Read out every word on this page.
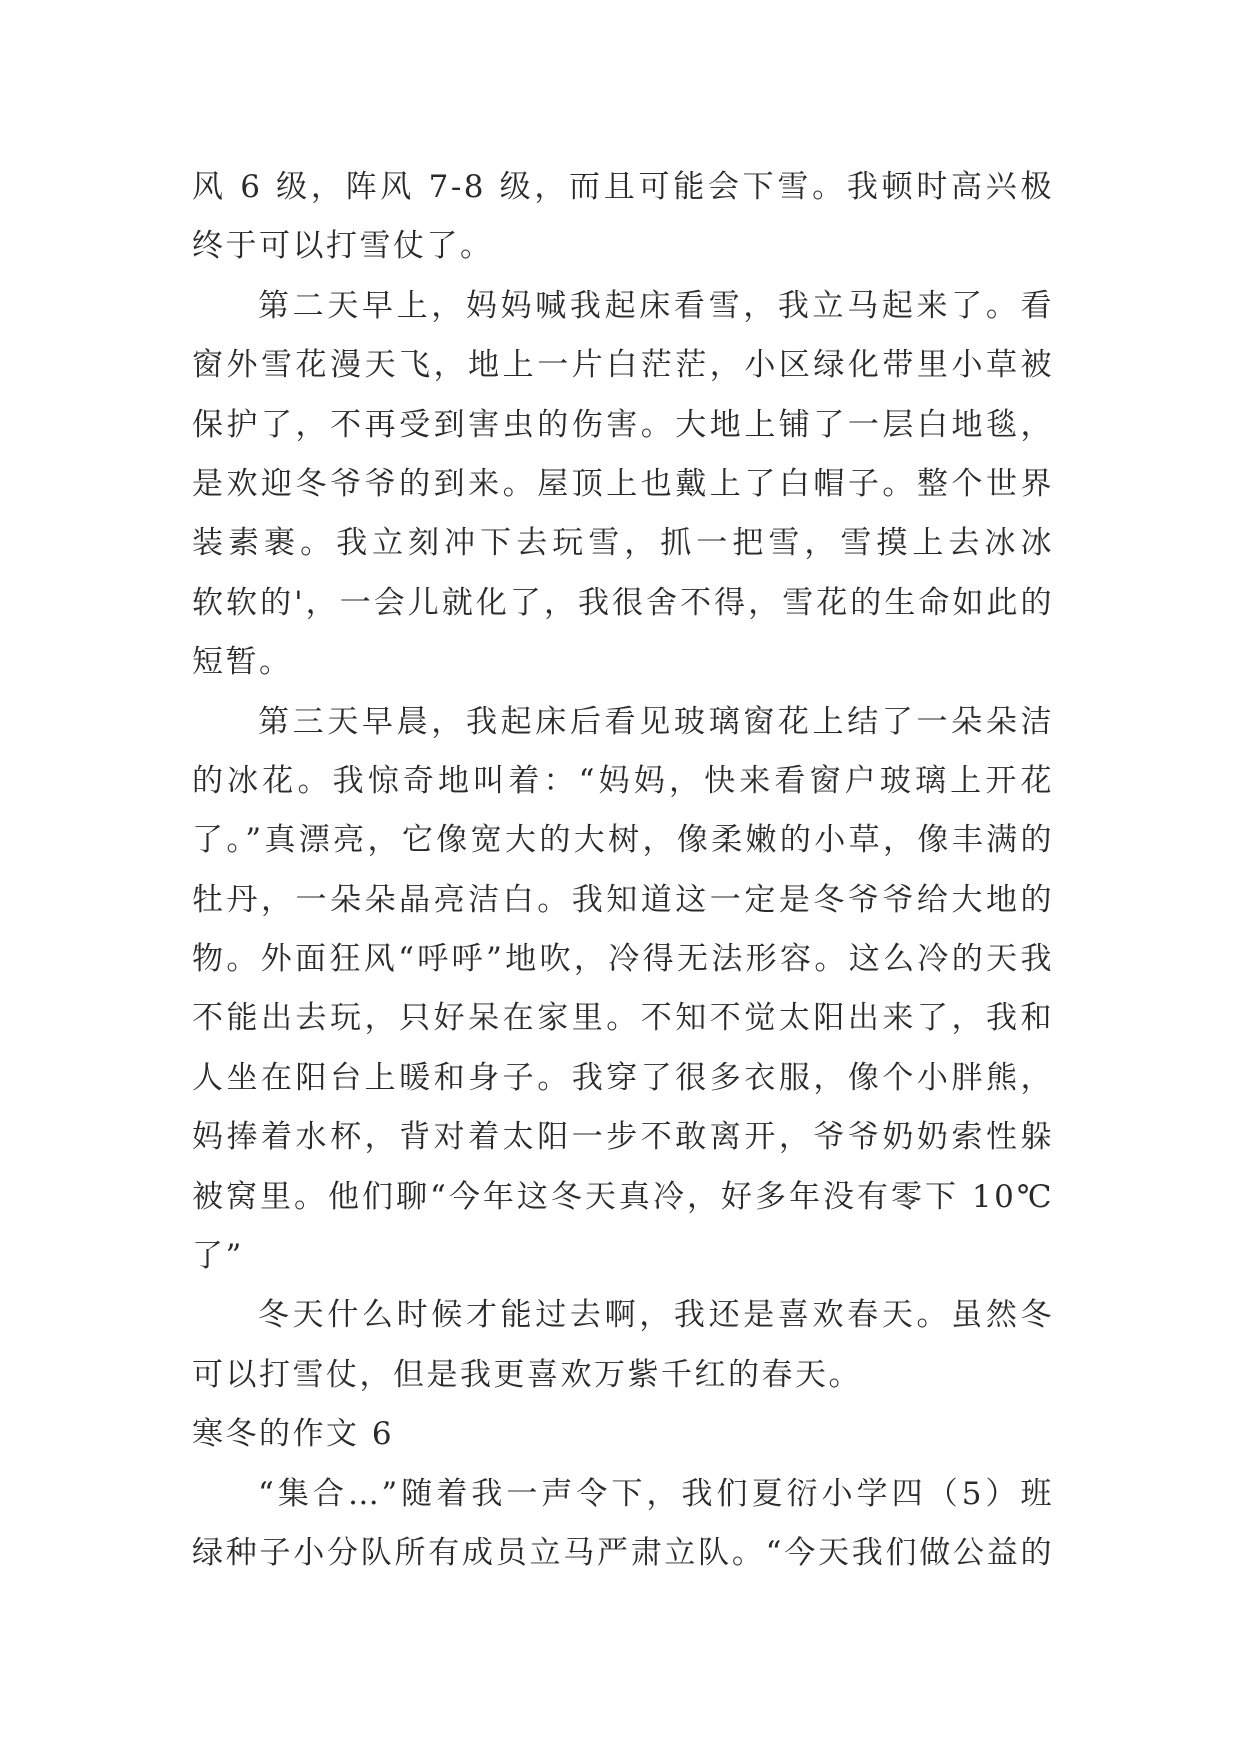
风 6 级，阵风 7-8 级，而且可能会下雪。我顿时高兴极
终于可以打雪仗了。
第二天早上，妈妈喊我起床看雪，我立马起来了。看
窗外雪花漫天飞，地上一片白茫茫，小区绿化带里小草被
保护了，不再受到害虫的伤害。大地上铺了一层白地毯，
是欢迎冬爷爷的到来。屋顶上也戴上了白帽子。整个世界
装素裹。我立刻冲下去玩雪，抓一把雪，雪摸上去冰冰
软软的'，一会儿就化了，我很舍不得，雪花的生命如此的
短暂。
第三天早晨，我起床后看见玻璃窗花上结了一朵朵洁
的冰花。我惊奇地叫着：“妈妈，快来看窗户玻璃上开花
了。”真漂亮，它像宽大的大树，像柔嫩的小草，像丰满的
牡丹，一朵朵晶亮洁白。我知道这一定是冬爷爷给大地的
物。外面狂风“呼呼”地吹，冷得无法形容。这么冷的天我
不能出去玩，只好呆在家里。不知不觉太阳出来了，我和
人坐在阳台上暖和身子。我穿了很多衣服，像个小胖熊，
妈捧着水杯，背对着太阳一步不敢离开，爷爷奶奶索性躲
被窝里。他们聊“今年这冬天真冷，好多年没有零下 10℃
了”
冬天什么时候才能过去啊，我还是喜欢春天。虽然冬
可以打雪仗，但是我更喜欢万紫千红的春天。
寒冬的作文 6
“集合…”随着我一声令下，我们夏衍小学四（5）班
绿种子小分队所有成员立马严肃立队。“今天我们做公益的
